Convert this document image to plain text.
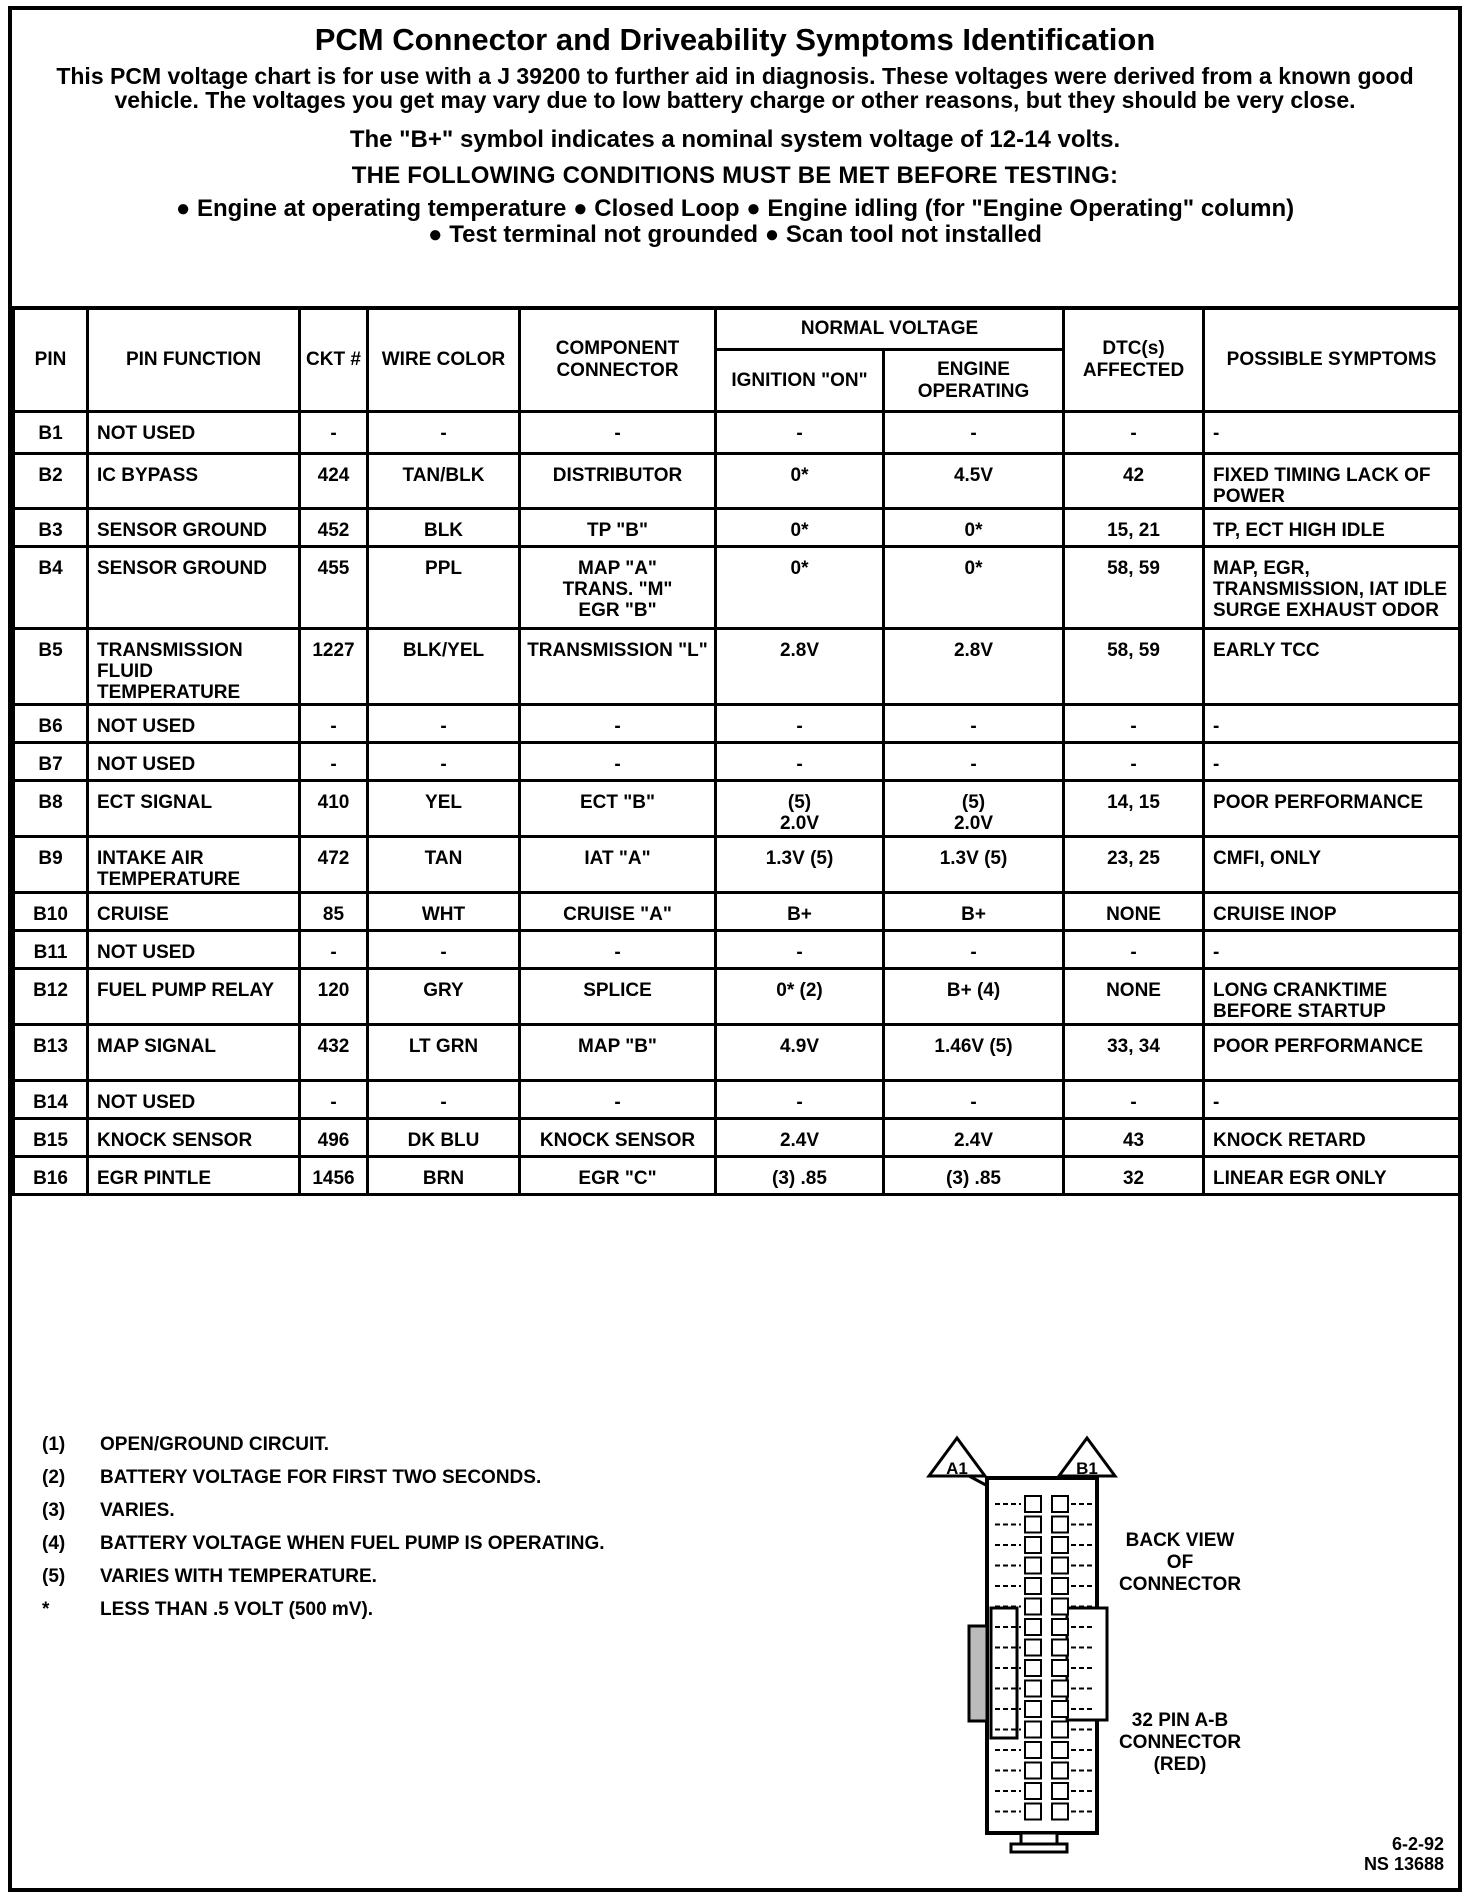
PCM Connector and Driveability Symptoms Identification
This PCM voltage chart is for use with a J 39200 to further aid in diagnosis. These voltages were derived from a known good vehicle. The voltages you get may vary due to low battery charge or other reasons, but they should be very close.
The "B+" symbol indicates a nominal system voltage of 12-14 volts.
THE FOLLOWING CONDITIONS MUST BE MET BEFORE TESTING:
● Engine at operating temperature ● Closed Loop ● Engine idling (for "Engine Operating" column)
● Test terminal not grounded ● Scan tool not installed
PIN	PIN FUNCTION	CKT #	WIRE COLOR	COMPONENT CONNECTOR	NORMAL VOLTAGE		DTC(s) AFFECTED	POSSIBLE SYMPTOMS
					IGNITION "ON"	ENGINE OPERATING		
B1	NOT USED	-	-	-	-	-	-	-
B2	IC BYPASS	424	TAN/BLK	DISTRIBUTOR	0*	4.5V	42	FIXED TIMING LACK OF POWER
B3	SENSOR GROUND	452	BLK	TP "B"	0*	0*	15, 21	TP, ECT HIGH IDLE
B4	SENSOR GROUND	455	PPL	MAP "A"
TRANS. "M"
EGR "B"	0*	0*	58, 59	MAP, EGR, TRANSMISSION, IAT IDLE SURGE EXHAUST ODOR
B5	TRANSMISSION FLUID TEMPERATURE	1227	BLK/YEL	TRANSMISSION "L"	2.8V	2.8V	58, 59	EARLY TCC
B6	NOT USED	-	-	-	-	-	-	-
B7	NOT USED	-	-	-	-	-	-	-
B8	ECT SIGNAL	410	YEL	ECT "B"	(5)
2.0V	(5)
2.0V	14, 15	POOR PERFORMANCE
B9	INTAKE AIR TEMPERATURE	472	TAN	IAT "A"	1.3V (5)	1.3V (5)	23, 25	CMFI, ONLY
B10	CRUISE	85	WHT	CRUISE "A"	B+	B+	NONE	CRUISE INOP
B11	NOT USED	-	-	-	-	-	-	-
B12	FUEL PUMP RELAY	120	GRY	SPLICE	0* (2)	B+ (4)	NONE	LONG CRANKTIME BEFORE STARTUP
B13	MAP SIGNAL	432	LT GRN	MAP "B"	4.9V	1.46V (5)	33, 34	POOR PERFORMANCE
B14	NOT USED	-	-	-	-	-	-	-
B15	KNOCK SENSOR	496	DK BLU	KNOCK SENSOR	2.4V	2.4V	43	KNOCK RETARD
B16	EGR PINTLE	1456	BRN	EGR "C"	(3) .85	(3) .85	32	LINEAR EGR ONLY
(1)	OPEN/GROUND CIRCUIT.
(2)	BATTERY VOLTAGE FOR FIRST TWO SECONDS.
(3)	VARIES.
(4)	BATTERY VOLTAGE WHEN FUEL PUMP IS OPERATING.
(5)	VARIES WITH TEMPERATURE.
*	LESS THAN .5 VOLT (500 mV).
BACK VIEW
OF
CONNECTOR
32 PIN A-B
CONNECTOR
(RED)
A1	B1
6-2-92
NS 13688
